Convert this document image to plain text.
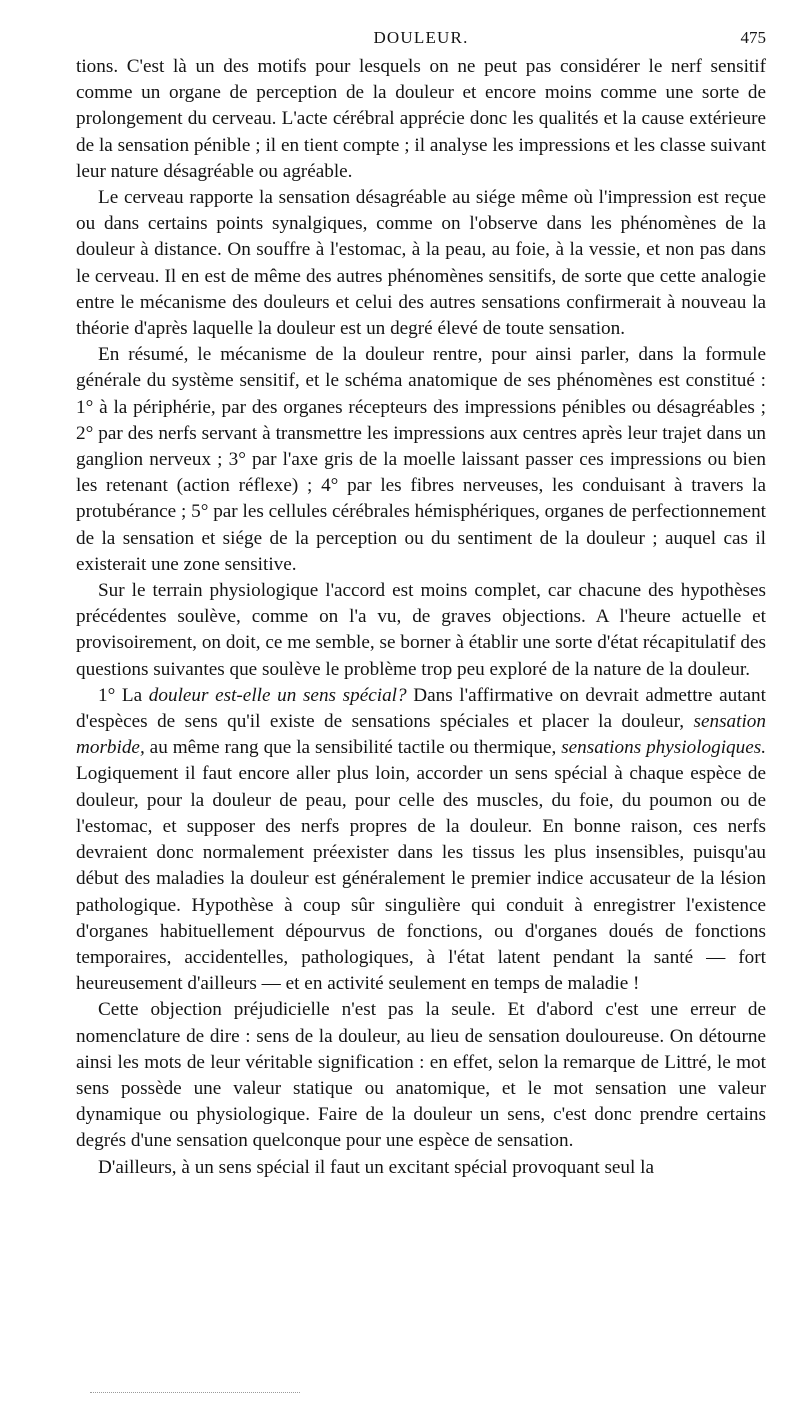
DOULEUR.	475

tions. C'est là un des motifs pour lesquels on ne peut pas considérer le nerf sensitif comme un organe de perception de la douleur et encore moins comme une sorte de prolongement du cerveau. L'acte cérébral apprécie donc les qualités et la cause extérieure de la sensation pénible ; il en tient compte ; il analyse les impressions et les classe suivant leur nature désagréable ou agréable.

Le cerveau rapporte la sensation désagréable au siége même où l'impression est reçue ou dans certains points synalgiques, comme on l'observe dans les phénomènes de la douleur à distance. On souffre à l'estomac, à la peau, au foie, à la vessie, et non pas dans le cerveau. Il en est de même des autres phénomènes sensitifs, de sorte que cette analogie entre le mécanisme des douleurs et celui des autres sensations confirmerait à nouveau la théorie d'après laquelle la douleur est un degré élevé de toute sensation.

En résumé, le mécanisme de la douleur rentre, pour ainsi parler, dans la formule générale du système sensitif, et le schéma anatomique de ses phénomènes est constitué : 1° à la périphérie, par des organes récepteurs des impressions pénibles ou désagréables ; 2° par des nerfs servant à transmettre les impressions aux centres après leur trajet dans un ganglion nerveux ; 3° par l'axe gris de la moelle laissant passer ces impressions ou bien les retenant (action réflexe) ; 4° par les fibres nerveuses, les conduisant à travers la protubérance ; 5° par les cellules cérébrales hémisphériques, organes de perfectionnement de la sensation et siége de la perception ou du sentiment de la douleur ; auquel cas il existerait une zone sensitive.

Sur le terrain physiologique l'accord est moins complet, car chacune des hypothèses précédentes soulève, comme on l'a vu, de graves objections. A l'heure actuelle et provisoirement, on doit, ce me semble, se borner à établir une sorte d'état récapitulatif des questions suivantes que soulève le problème trop peu exploré de la nature de la douleur.

1° La douleur est-elle un sens spécial? Dans l'affirmative on devrait admettre autant d'espèces de sens qu'il existe de sensations spéciales et placer la douleur, sensation morbide, au même rang que la sensibilité tactile ou thermique, sensations physiologiques. Logiquement il faut encore aller plus loin, accorder un sens spécial à chaque espèce de douleur, pour la douleur de peau, pour celle des muscles, du foie, du poumon ou de l'estomac, et supposer des nerfs propres de la douleur. En bonne raison, ces nerfs devraient donc normalement préexister dans les tissus les plus insensibles, puisqu'au début des maladies la douleur est généralement le premier indice accusateur de la lésion pathologique. Hypothèse à coup sûr singulière qui conduit à enregistrer l'existence d'organes habituellement dépourvus de fonctions, ou d'organes doués de fonctions temporaires, accidentelles, pathologiques, à l'état latent pendant la santé — fort heureusement d'ailleurs — et en activité seulement en temps de maladie !

Cette objection préjudicielle n'est pas la seule. Et d'abord c'est une erreur de nomenclature de dire : sens de la douleur, au lieu de sensation douloureuse. On détourne ainsi les mots de leur véritable signification : en effet, selon la remarque de Littré, le mot sens possède une valeur statique ou anatomique, et le mot sensation une valeur dynamique ou physiologique. Faire de la douleur un sens, c'est donc prendre certains degrés d'une sensation quelconque pour une espèce de sensation.

D'ailleurs, à un sens spécial il faut un excitant spécial provoquant seul la
